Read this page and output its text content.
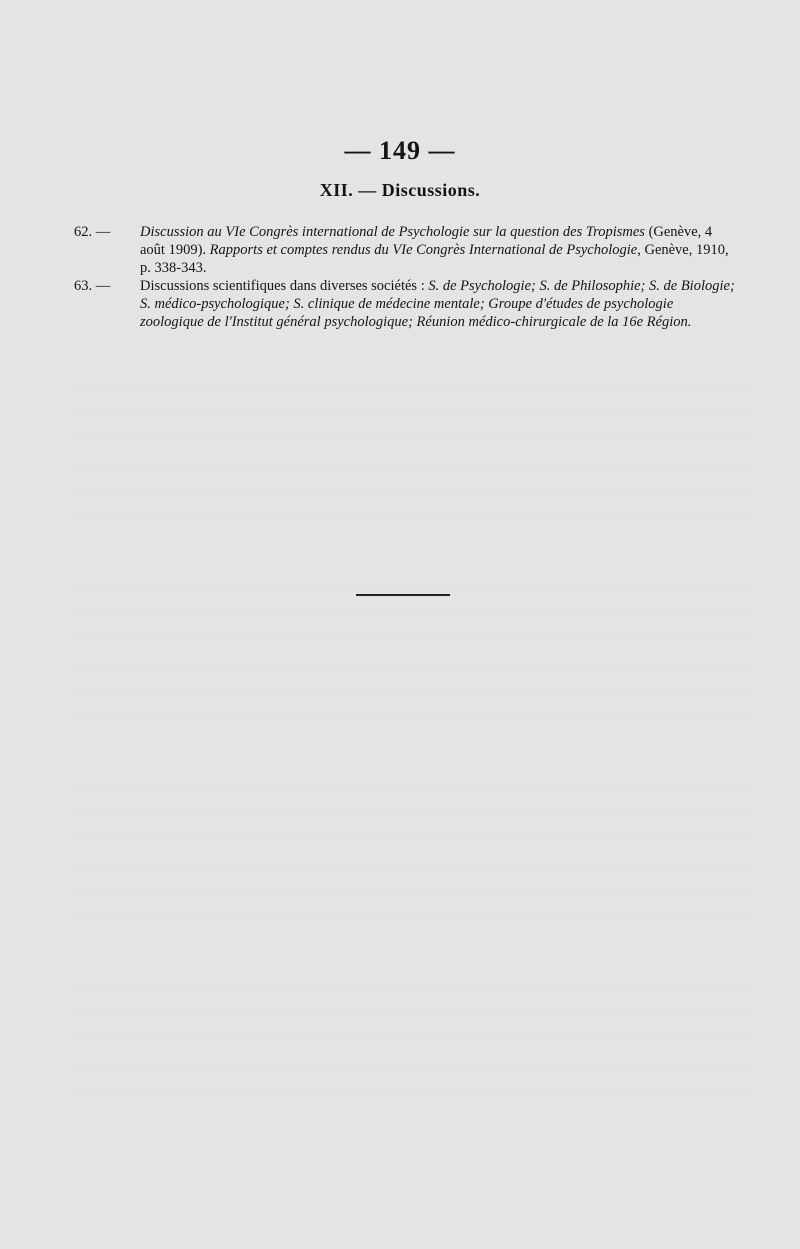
— 149 —
XII. — Discussions.
62. —	Discussion au VIe Congrès international de Psychologie sur la question des Tropismes (Genève, 4 août 1909). Rapports et comptes rendus du VIe Congrès International de Psychologie, Genève, 1910, p. 338-343.
63. —	Discussions scientifiques dans diverses sociétés : S. de Psychologie; S. de Philosophie; S. de Biologie; S. médico-psychologique; S. clinique de médecine mentale; Groupe d'études de psychologie zoologique de l'Institut général psychologique; Réunion médico-chirurgicale de la 16e Région.
